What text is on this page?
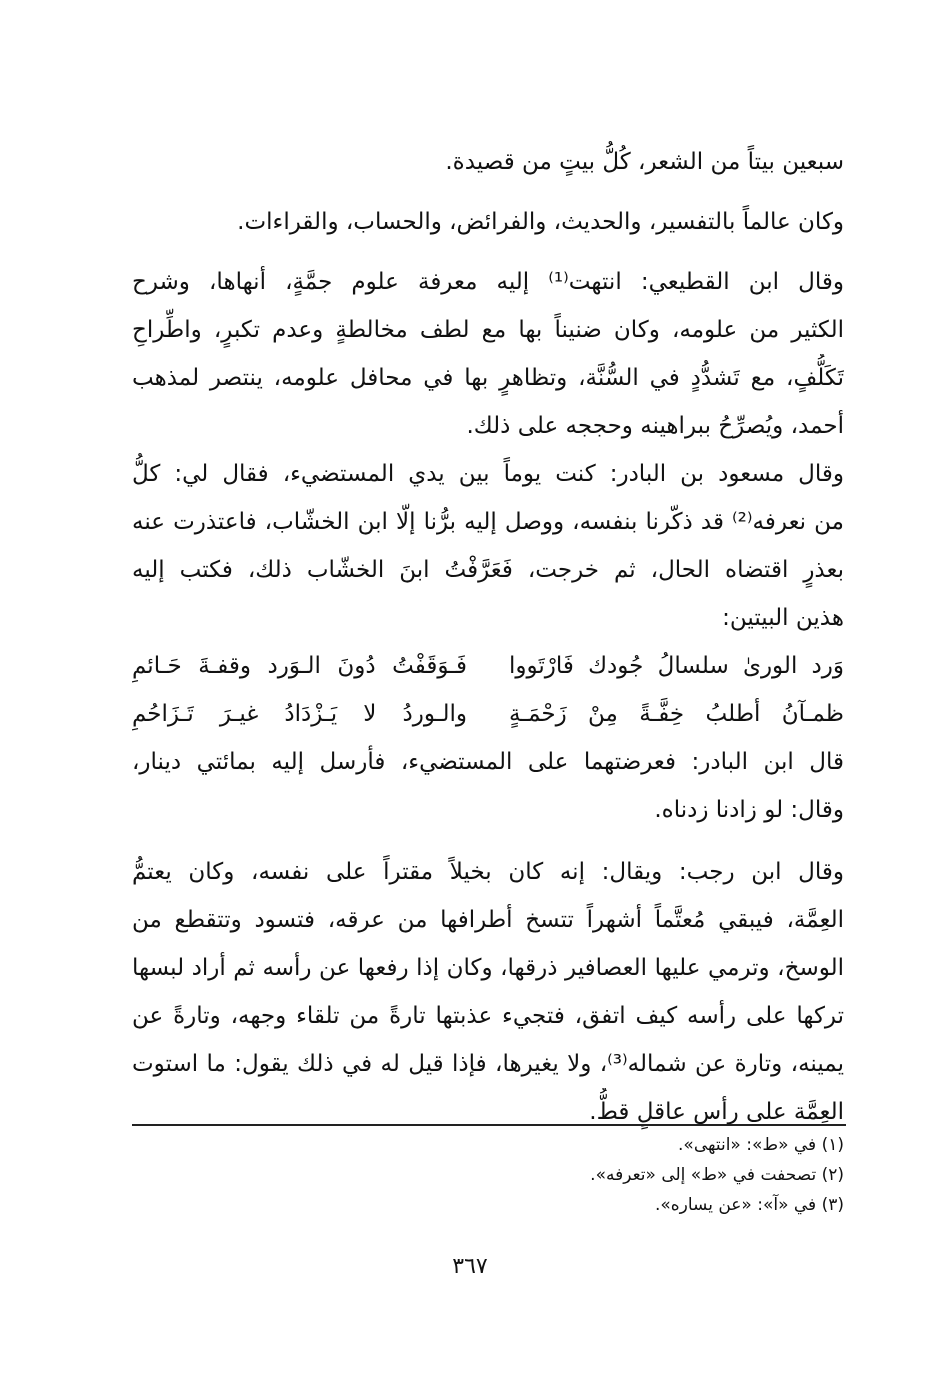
سبعين بيتاً من الشعر، كُلُّ بيتٍ من قصيدة.
وكان عالماً بالتفسير، والحديث، والفرائض، والحساب، والقراءات.
وقال ابن القطيعي: انتهت⁽¹⁾ إليه معرفة علوم جمَّةٍ، أنهاها، وشرح
الكثير من علومه، وكان ضنيناً بها مع لطف مخالطةٍ وعدم تكبرٍ، واطِّراحِ
تَكَلُّفٍ، مع تَشدُّدٍ في السُّنَّة، وتظاهرٍ بها في محافل علومه، ينتصر لمذهب
أحمد، ويُصرِّحُ ببراهينه وحججه على ذلك.
وقال مسعود بن البادر: كنت يوماً بين يدي المستضيء، فقال لي: كلُّ
من نعرفه⁽²⁾ قد ذكّرنا بنفسه، ووصل إليه برُّنا إلّا ابن الخشّاب، فاعتذرت عنه
بعذرٍ اقتضاه الحال، ثم خرجت، فَعَرَّفْتُ ابنَ الخشّاب ذلك، فكتب إليه
هذين البيتين:
وَرد الورىٰ سلسالُ جُودك فَارْتَووا
فَـوَقَفْتُ دُونَ الـوَرد وقفـةَ حَـائمِ
ظمـآنُ أطلبُ خِفَّـةً مِنْ زَحْمَـةٍ
والـوردُ لا يَـزْدَادُ غيـرَ تَـزَاحُمِ
قال ابن البادر: فعرضتهما على المستضيء، فأرسل إليه بمائتي دينار،
وقال: لو زادنا زدناه.
وقال ابن رجب: ويقال: إنه كان بخيلاً مقتراً على نفسه، وكان يعتمُّ
العِمَّة، فيبقي مُعتَّماً أشهراً تتسخ أطرافها من عرقه، فتسود وتتقطع من
الوسخ، وترمي عليها العصافير ذرقها، وكان إذا رفعها عن رأسه ثم أراد لبسها
تركها على رأسه كيف اتفق، فتجيء عذبتها تارةً من تلقاء وجهه، وتارةً عن
يمينه، وتارة عن شماله⁽³⁾، ولا يغيرها، فإذا قيل له في ذلك يقول: ما استوت
العِمَّة على رأس عاقلٍ قطُّ.
(١) في «ط»: «انتهى».
(٢) تصحفت في «ط» إلى «تعرفه».
(٣) في «آ»: «عن يساره».
٣٦٧
